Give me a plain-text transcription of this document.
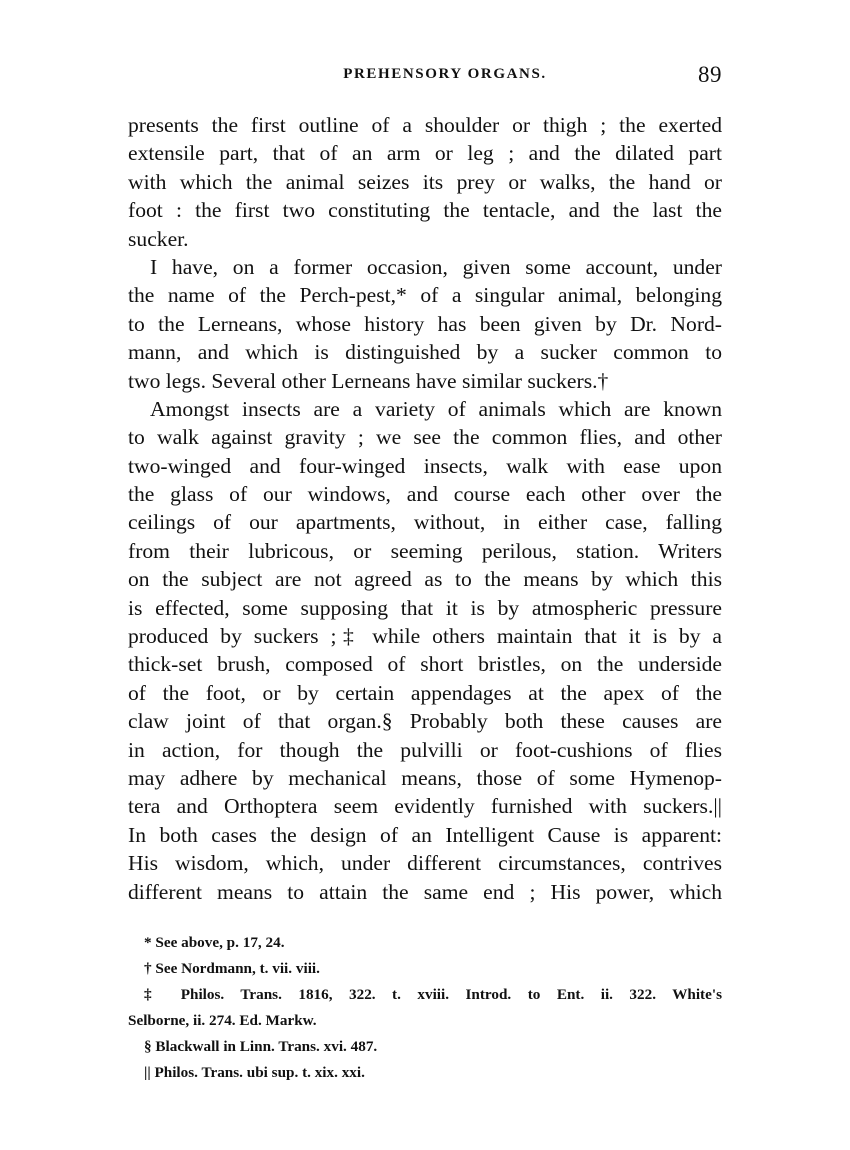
PREHENSORY ORGANS.	89
presents the first outline of a shoulder or thigh ; the exerted
extensile part, that of an arm or leg ; and the dilated part
with which the animal seizes its prey or walks, the hand or
foot : the first two constituting the tentacle, and the last the
sucker.
I have, on a former occasion, given some account, under
the name of the Perch-pest,* of a singular animal, belonging
to the Lerneans, whose history has been given by Dr. Nord-
mann, and which is distinguished by a sucker common to
two legs. Several other Lerneans have similar suckers.†
Amongst insects are a variety of animals which are known
to walk against gravity ; we see the common flies, and other
two-winged and four-winged insects, walk with ease upon
the glass of our windows, and course each other over the
ceilings of our apartments, without, in either case, falling
from their lubricous, or seeming perilous, station. Writers
on the subject are not agreed as to the means by which this
is effected, some supposing that it is by atmospheric pressure
produced by suckers ;‡ while others maintain that it is by a
thick-set brush, composed of short bristles, on the underside
of the foot, or by certain appendages at the apex of the
claw joint of that organ.§ Probably both these causes are
in action, for though the pulvilli or foot-cushions of flies
may adhere by mechanical means, those of some Hymenop-
tera and Orthoptera seem evidently furnished with suckers.||
In both cases the design of an Intelligent Cause is apparent:
His wisdom, which, under different circumstances, contrives
different means to attain the same end ; His power, which
* See above, p. 17, 24.
† See Nordmann, t. vii. viii.
‡ Philos. Trans. 1816, 322. t. xviii. Introd. to Ent. ii. 322. White's
Selborne, ii. 274. Ed. Markw.
§ Blackwall in Linn. Trans. xvi. 487.
|| Philos. Trans. ubi sup. t. xix. xxi.
